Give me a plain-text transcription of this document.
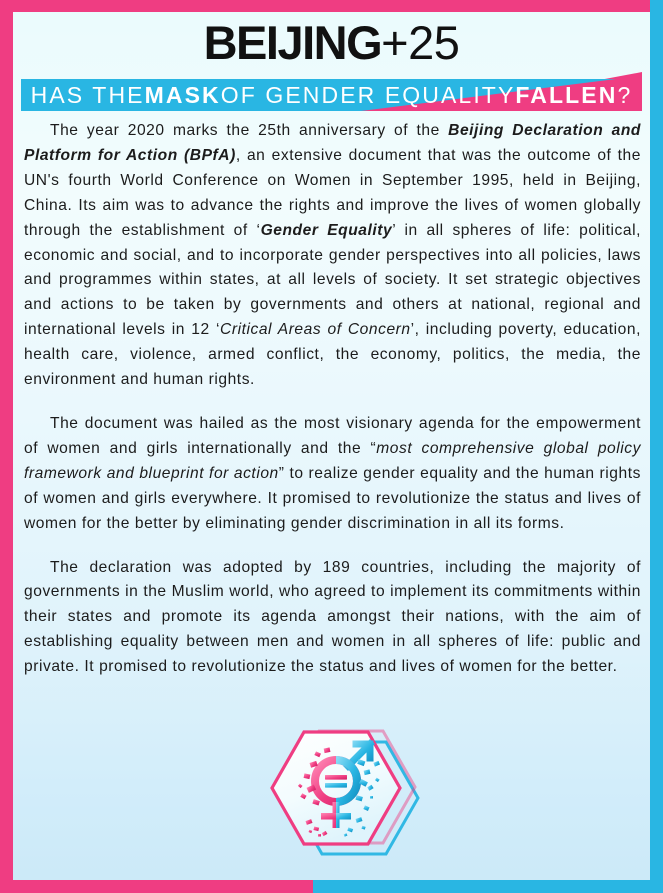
BEIJING+25
HAS THE MASK OF GENDER EQUALITY FALLEN ?

The year 2020 marks the 25th anniversary of the Beijing Declaration and Platform for Action (BPfA), an extensive document that was the outcome of the UN's fourth World Conference on Women in September 1995, held in Beijing, China. Its aim was to advance the rights and improve the lives of women globally through the establishment of ‘Gender Equality’ in all spheres of life: political, economic and social, and to incorporate gender perspectives into all policies, laws and programmes within states, at all levels of society. It set strategic objectives and actions to be taken by governments and others at national, regional and international levels in 12 ‘Critical Areas of Concern’, including poverty, education, health care, violence, armed conflict, the economy, politics, the media, the environment and human rights.

The document was hailed as the most visionary agenda for the empowerment of women and girls internationally and the “most comprehensive global policy framework and blueprint for action” to realize gender equality and the human rights of women and girls everywhere. It promised to revolutionize the status and lives of women for the better by eliminating gender discrimination in all its forms.

The declaration was adopted by 189 countries, including the majority of governments in the Muslim world, who agreed to implement its commitments within their states and promote its agenda amongst their nations, with the aim of establishing equality between men and women in all spheres of life: public and private. It promised to revolutionize the status and lives of women for the better.
